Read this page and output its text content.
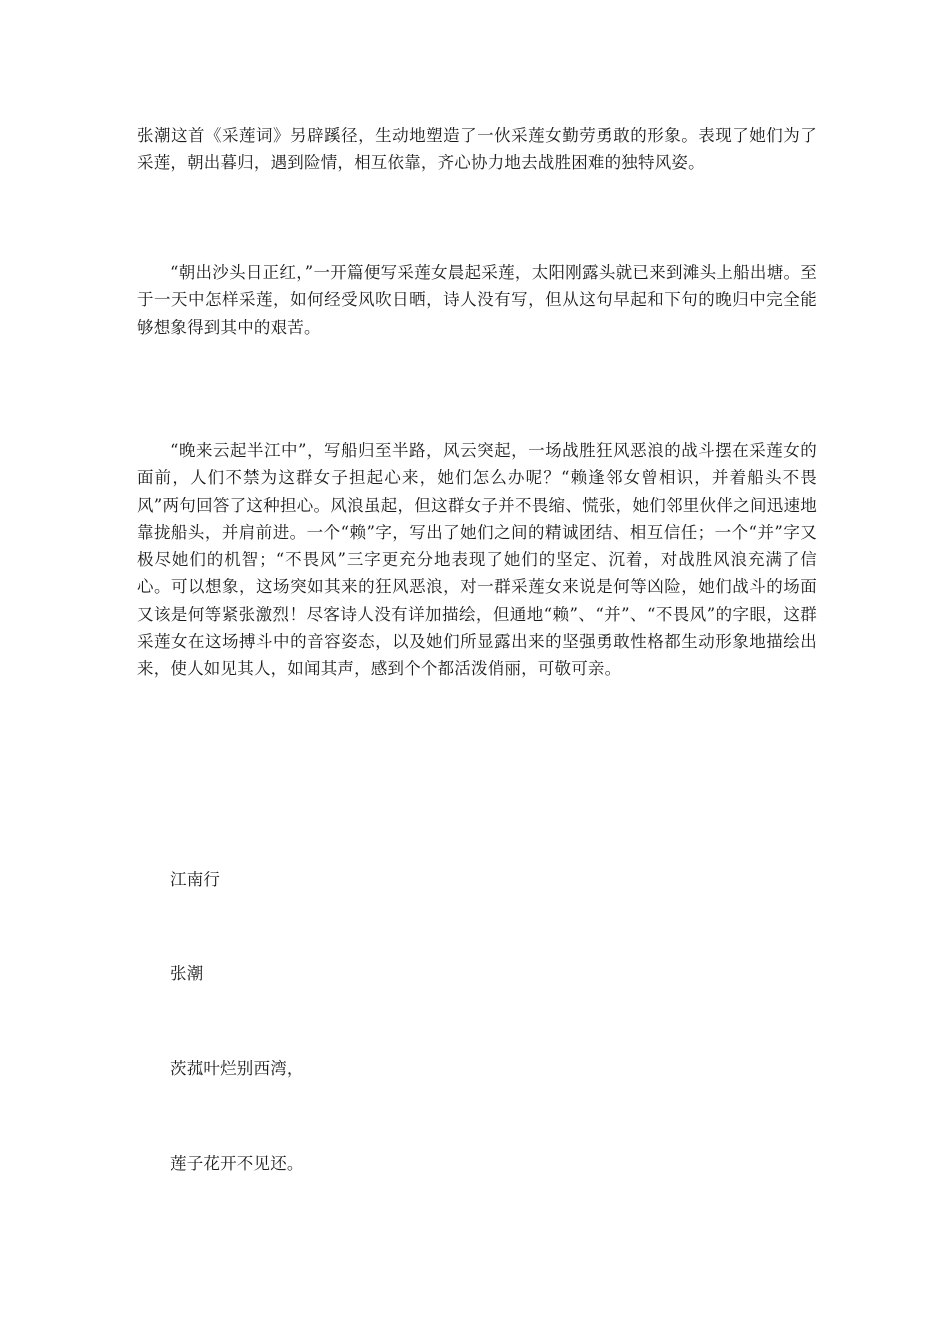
张潮这首《采莲词》另辟蹊径，生动地塑造了一伙采莲女勤劳勇敢的形象。表现了她们为了采莲，朝出暮归，遇到险情，相互依靠，齐心协力地去战胜困难的独特风姿。

“朝出沙头日正红，”一开篇便写采莲女晨起采莲，太阳刚露头就已来到滩头上船出塘。至于一天中怎样采莲，如何经受风吹日晒，诗人没有写，但从这句早起和下句的晚归中完全能够想象得到其中的艰苦。

“晚来云起半江中”，写船归至半路，风云突起，一场战胜狂风恶浪的战斗摆在采莲女的面前，人们不禁为这群女子担起心来，她们怎么办呢？“赖逢邻女曾相识，并着船头不畏风”两句回答了这种担心。风浪虽起，但这群女子并不畏缩、慌张，她们邻里伙伴之间迅速地靠拢船头，并肩前进。一个“赖”字，写出了她们之间的精诚团结、相互信任；一个“并”字又极尽她们的机智；“不畏风”三字更充分地表现了她们的坚定、沉着，对战胜风浪充满了信心。可以想象，这场突如其来的狂风恶浪，对一群采莲女来说是何等凶险，她们战斗的场面又该是何等紧张激烈！尽客诗人没有详加描绘，但通地“赖”、“并”、“不畏风”的字眼，这群采莲女在这场搏斗中的音容姿态，以及她们所显露出来的坚强勇敢性格都生动形象地描绘出来，使人如见其人，如闻其声，感到个个都活泼俏丽，可敬可亲。

江南行

张潮

茨菰叶烂别西湾，

莲子花开不见还。
